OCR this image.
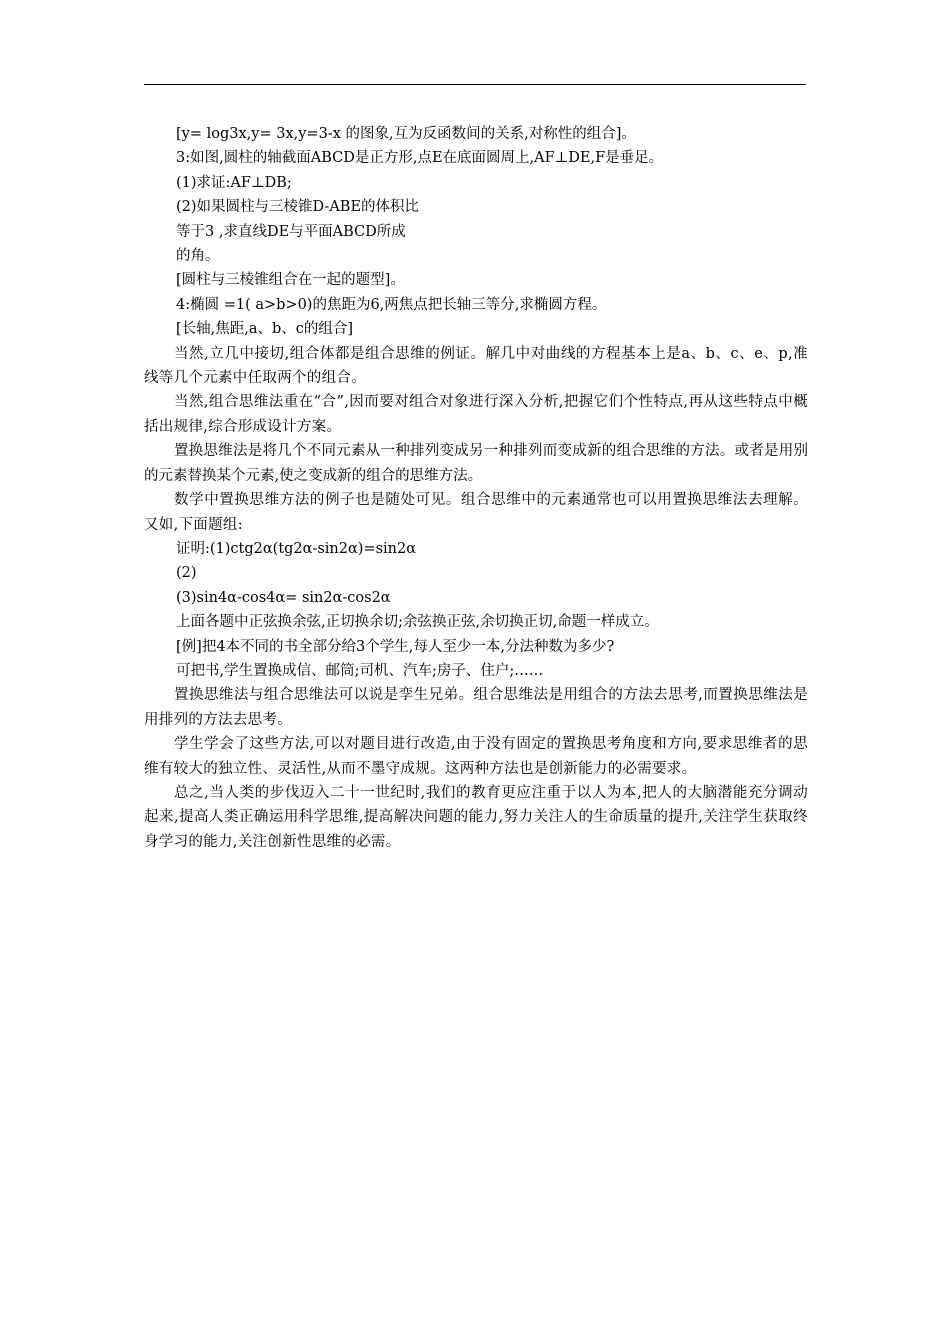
[y= log3x,y= 3x,y=3-x 的图象,互为反函数间的关系,对称性的组合]。

3:如图,圆柱的轴截面ABCD是正方形,点E在底面圆周上,AF⊥DE,F是垂足。

(1)求证:AF⊥DB;

(2)如果圆柱与三棱锥D-ABE的体积比

等于3 ,求直线DE与平面ABCD所成

的角。

[圆柱与三棱锥组合在一起的题型]。

4:椭圆 =1( a>b>0)的焦距为6,两焦点把长轴三等分,求椭圆方程。

[长轴,焦距,a、b、c的组合]

当然,立几中接切,组合体都是组合思维的例证。解几中对曲线的方程基本上是a、b、c、e、p,准线等几个元素中任取两个的组合。

当然,组合思维法重在“合”,因而要对组合对象进行深入分析,把握它们个性特点,再从这些特点中概括出规律,综合形成设计方案。

置换思维法是将几个不同元素从一种排列变成另一种排列而变成新的组合思维的方法。或者是用别的元素替换某个元素,使之变成新的组合的思维方法。

数学中置换思维方法的例子也是随处可见。组合思维中的元素通常也可以用置换思维法去理解。又如,下面题组:

证明:(1)ctg2α(tg2α-sin2α)=sin2α

(2)

(3)sin4α-cos4α= sin2α-cos2α

上面各题中正弦换余弦,正切换余切;余弦换正弦,余切换正切,命题一样成立。

[例]把4本不同的书全部分给3个学生,每人至少一本,分法种数为多少?

可把书,学生置换成信、邮筒;司机、汽车;房子、住户;……

置换思维法与组合思维法可以说是孪生兄弟。组合思维法是用组合的方法去思考,而置换思维法是用排列的方法去思考。

学生学会了这些方法,可以对题目进行改造,由于没有固定的置换思考角度和方向,要求思维者的思维有较大的独立性、灵活性,从而不墨守成规。这两种方法也是创新能力的必需要求。

总之,当人类的步伐迈入二十一世纪时,我们的教育更应注重于以人为本,把人的大脑潜能充分调动起来,提高人类正确运用科学思维,提高解决问题的能力,努力关注人的生命质量的提升,关注学生获取终身学习的能力,关注创新性思维的必需。
